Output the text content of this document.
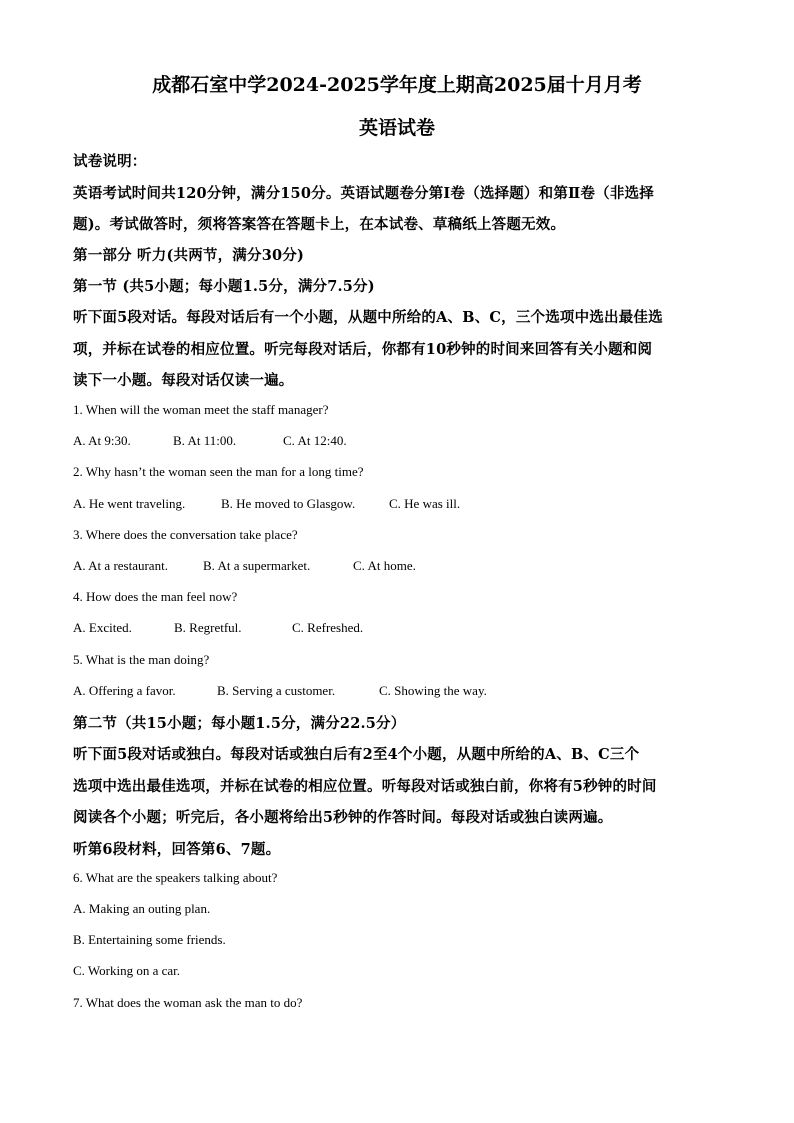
成都石室中学2024-2025学年度上期高2025届十月月考
英语试卷
试卷说明：
英语考试时间共120分钟，满分150分。英语试题卷分第Ⅰ卷（选择题）和第Ⅱ卷（非选择
题)。考试做答时，须将答案答在答题卡上，在本试卷、草稿纸上答题无效。
第一部分 听力(共两节，满分30分)
第一节 (共5小题；每小题1.5分，满分7.5分)
听下面5段对话。每段对话后有一个小题，从题中所给的A、B、C，三个选项中选出最佳选
项，并标在试卷的相应位置。听完每段对话后，你都有10秒钟的时间来回答有关小题和阅
读下一小题。每段对话仅读一遍。
1. When will the woman meet the staff manager?
A. At 9:30.	B. At 11:00.	C. At 12:40.
2. Why hasn’t the woman seen the man for a long time?
A. He went traveling.	B. He moved to Glasgow.	C. He was ill.
3. Where does the conversation take place?
A. At a restaurant.	B. At a supermarket.	C. At home.
4. How does the man feel now?
A. Excited.	B. Regretful.	C. Refreshed.
5. What is the man doing?
A. Offering a favor.	B. Serving a customer.	C. Showing the way.
第二节（共15小题；每小题1.5分，满分22.5分）
听下面5段对话或独白。每段对话或独白后有2至4个小题，从题中所给的A、B、C三个
选项中选出最佳选项，并标在试卷的相应位置。听每段对话或独白前，你将有5秒钟的时间
阅读各个小题；听完后，各小题将给出5秒钟的作答时间。每段对话或独白读两遍。
听第6段材料，回答第6、7题。
6. What are the speakers talking about?
A. Making an outing plan.
B. Entertaining some friends.
C. Working on a car.
7. What does the woman ask the man to do?
